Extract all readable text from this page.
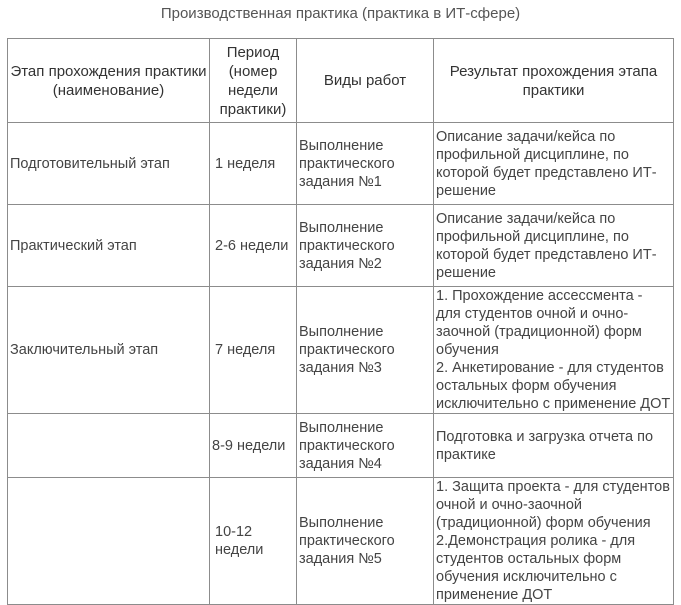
Производственная практика (практика в ИТ-сфере)
Этап прохождения практики (наименование)	Период (номер недели практики)	Виды работ	Результат прохождения этапа практики
Подготовительный этап	1 неделя	Выполнение практического задания №1	Описание задачи/кейса по профильной дисциплине, по которой будет представлено ИТ-решение
Практический этап	2-6 недели	Выполнение практического задания №2	Описание задачи/кейса по профильной дисциплине, по которой будет представлено ИТ-решение
Заключительный этап	7 неделя	Выполнение практического задания №3	1. Прохождение ассессмента - для студентов очной и очно-заочной (традиционной) форм обучения
2. Анкетирование - для студентов остальных форм обучения исключительно с применение ДОТ
	8-9 недели	Выполнение практического задания №4	Подготовка и загрузка отчета по практике
	10-12 недели	Выполнение практического задания №5	1. Защита проекта - для студентов очной и очно-заочной (традиционной) форм обучения
2.Демонстрация ролика - для студентов остальных форм обучения исключительно с применение ДОТ
